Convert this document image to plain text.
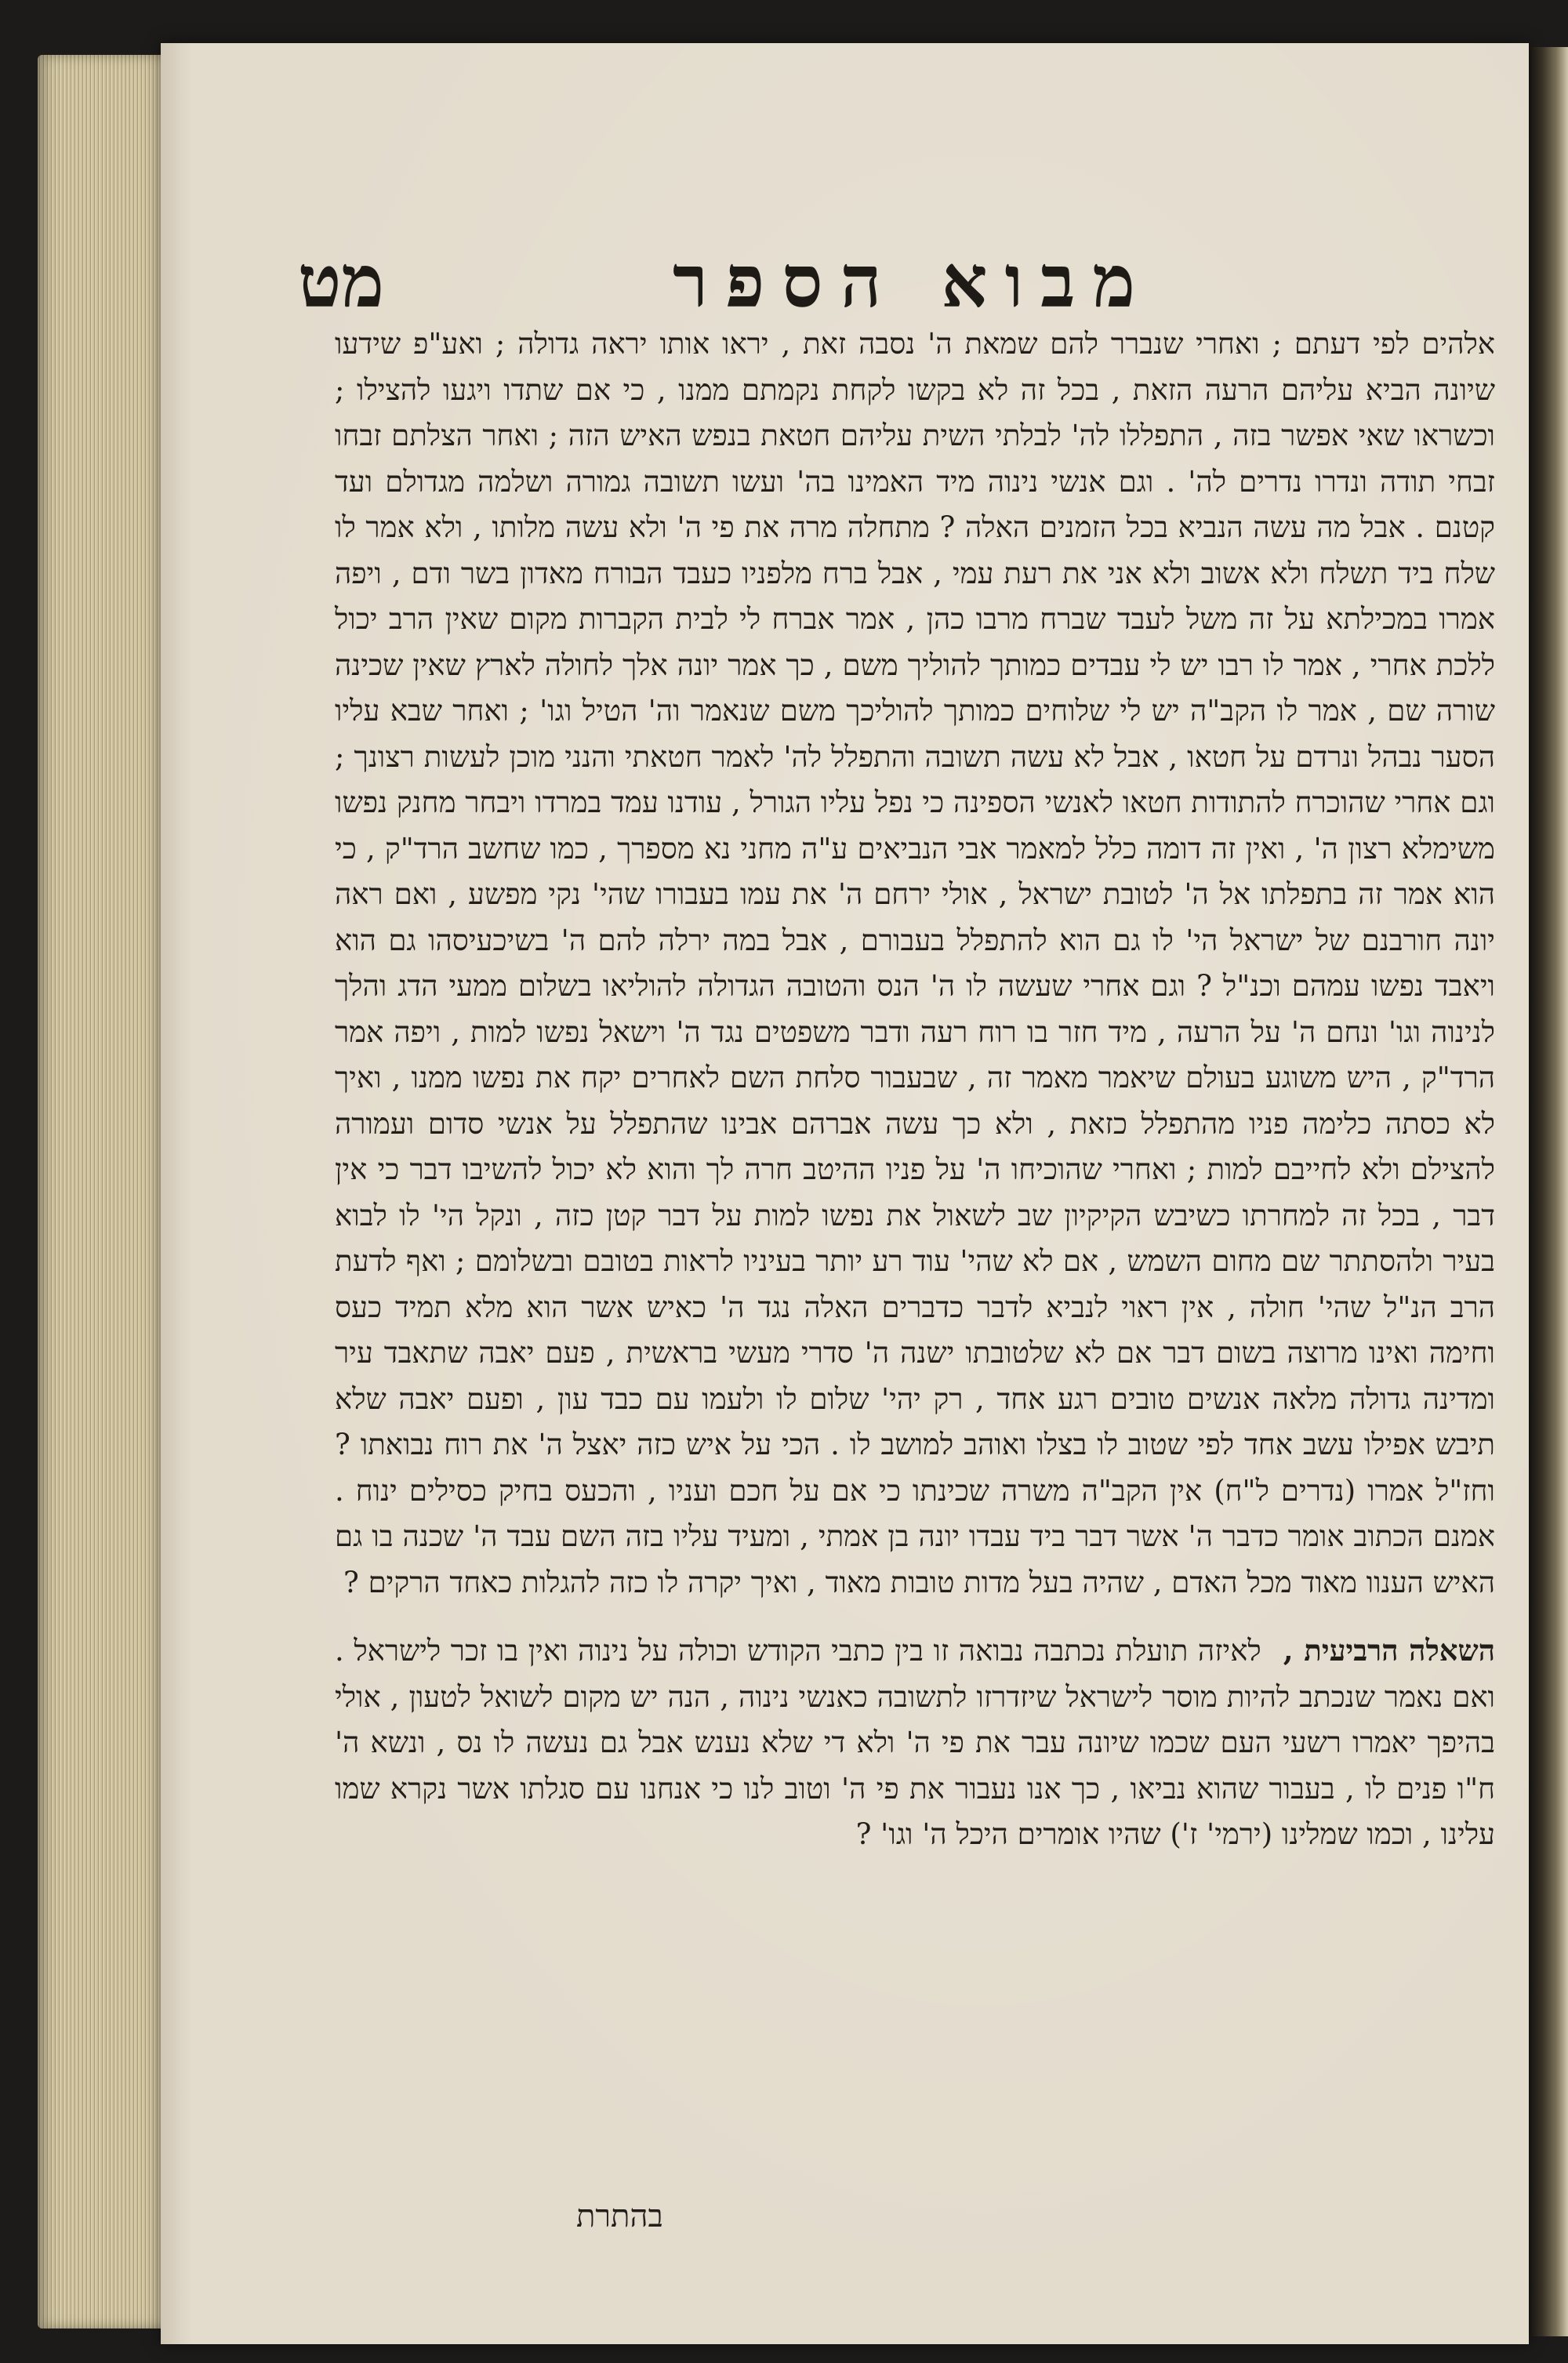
מבוא הספר
מט

אלהים לפי דעתם ; ואחרי שנברר להם שמאת ה' נסבה זאת , יראו אותו יראה גדולה ; ואע"פ שידעו שיונה הביא עליהם הרעה הזאת , בכל זה לא בקשו לקחת נקמתם ממנו , כי אם שתדו ויגעו להצילו ; וכשראו שאי אפשר בזה , התפללו לה' לבלתי השית עליהם חטאת בנפש האיש הזה ; ואחר הצלתם זבחו זבחי תודה ונדרו נדרים לה' . וגם אנשי נינוה מיד האמינו בה' ועשו תשובה גמורה ושלמה מגדולם ועד קטנם . אבל מה עשה הנביא בכל הזמנים האלה ? מתחלה מרה את פי ה' ולא עשה מלותו , ולא אמר לו שלח ביד תשלח ולא אשוב ולא אני את רעת עמי , אבל ברח מלפניו כעבד הבורח מאדון בשר ודם , ויפה אמרו במכילתא על זה משל לעבד שברח מרבו כהן , אמר אברח לי לבית הקברות מקום שאין הרב יכול ללכת אחרי , אמר לו רבו יש לי עבדים כמותך להוליך משם , כך אמר יונה אלך לחולה לארץ שאין שכינה שורה שם , אמר לו הקב"ה יש לי שלוחים כמותך להוליכך משם שנאמר וה' הטיל וגו' ; ואחר שבא עליו הסער נבהל ונרדם על חטאו , אבל לא עשה תשובה והתפלל לה' לאמר חטאתי והנני מוכן לעשות רצונך ; וגם אחרי שהוכרח להתודות חטאו לאנשי הספינה כי נפל עליו הגורל , עודנו עמד במרדו ויבחר מחנק נפשו משימלא רצון ה' , ואין זה דומה כלל למאמר אבי הנביאים ע"ה מחני נא מספרך , כמו שחשב הרד"ק , כי הוא אמר זה בתפלתו אל ה' לטובת ישראל , אולי ירחם ה' את עמו בעבורו שהי' נקי מפשע , ואם ראה יונה חורבנם של ישראל הי' לו גם הוא להתפלל בעבורם , אבל במה ירלה להם ה' בשיכעיסהו גם הוא ויאבד נפשו עמהם וכנ"ל ? וגם אחרי שעשה לו ה' הנס והטובה הגדולה להוליאו בשלום ממעי הדג והלך לנינוה וגו' ונחם ה' על הרעה , מיד חזר בו רוח רעה ודבר משפטים נגד ה' וישאל נפשו למות , ויפה אמר הרד"ק , היש משוגע בעולם שיאמר מאמר זה , שבעבור סלחת השם לאחרים יקח את נפשו ממנו , ואיך לא כסתה כלימה פניו מהתפלל כזאת , ולא כך עשה אברהם אבינו שהתפלל על אנשי סדום ועמורה להצילם ולא לחייבם למות ; ואחרי שהוכיחו ה' על פניו ההיטב חרה לך והוא לא יכול להשיבו דבר כי אין דבר , בכל זה למחרתו כשיבש הקיקיון שב לשאול את נפשו למות על דבר קטן כזה , ונקל הי' לו לבוא בעיר ולהסתתר שם מחום השמש , אם לא שהי' עוד רע יותר בעיניו לראות בטובם ובשלומם ; ואף לדעת הרב הנ"ל שהי' חולה , אין ראוי לנביא לדבר כדברים האלה נגד ה' כאיש אשר הוא מלא תמיד כעס וחימה ואינו מרוצה בשום דבר אם לא שלטובתו ישנה ה' סדרי מעשי בראשית , פעם יאבה שתאבד עיר ומדינה גדולה מלאה אנשים טובים רגע אחד , רק יהי' שלום לו ולעמו עם כבד עון , ופעם יאבה שלא תיבש אפילו עשב אחד לפי שטוב לו בצלו ואוהב למושב לו . הכי על איש כזה יאצל ה' את רוח נבואתו ? וחז"ל אמרו (נדרים ל"ח) אין הקב"ה משרה שכינתו כי אם על חכם ועניו , והכעס בחיק כסילים ינוח . אמנם הכתוב אומר כדבר ה' אשר דבר ביד עבדו יונה בן אמתי , ומעיד עליו בזה השם עבד ה' שכנה בו גם האיש הענוו מאוד מכל האדם , שהיה בעל מדות טובות מאוד , ואיך יקרה לו כזה להגלות כאחד הרקים ?

השאלה הרביעית ,לאיזה תועלת נכתבה נבואה זו בין כתבי הקודש וכולה על נינוה ואין בו זכר לישראל . ואם נאמר שנכתב להיות מוסר לישראל שיזדרזו לתשובה כאנשי נינוה , הנה יש מקום לשואל לטעון , אולי בהיפך יאמרו רשעי העם שכמו שיונה עבר את פי ה' ולא די שלא נענש אבל גם נעשה לו נס , ונשא ה' ח"ו פנים לו , בעבור שהוא נביאו , כך אנו נעבור את פי ה' וטוב לנו כי אנחנו עם סגלתו אשר נקרא שמו עלינו , וכמו שמלינו (ירמי' ז') שהיו אומרים היכל ה' וגו' ?

בהתרת
